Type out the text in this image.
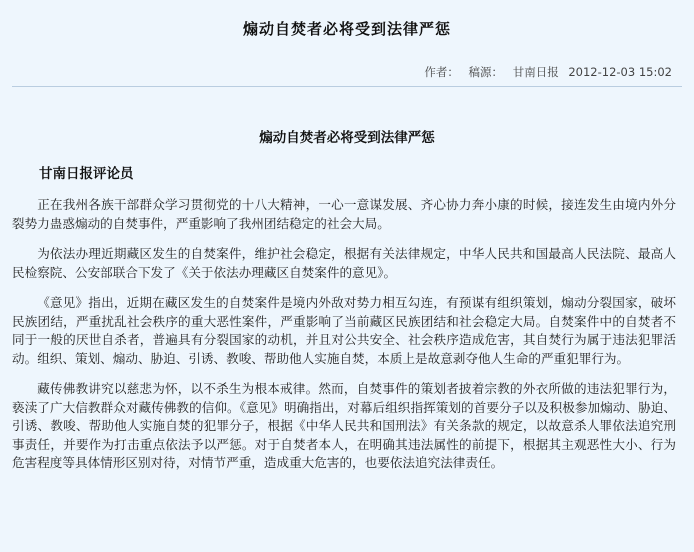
煽动自焚者必将受到法律严惩
作者： 稿源： 甘南日报 2012-12-03 15:02
煽动自焚者必将受到法律严惩
甘南日报评论员

正在我州各族干部群众学习贯彻党的十八大精神，一心一意谋发展、齐心协力奔小康的时候，接连发生由境内外分裂势力蛊惑煽动的自焚事件，严重影响了我州团结稳定的社会大局。

为依法办理近期藏区发生的自焚案件，维护社会稳定，根据有关法律规定，中华人民共和国最高人民法院、最高人民检察院、公安部联合下发了《关于依法办理藏区自焚案件的意见》。

《意见》指出，近期在藏区发生的自焚案件是境内外敌对势力相互勾连，有预谋有组织策划，煽动分裂国家，破坏民族团结，严重扰乱社会秩序的重大恶性案件，严重影响了当前藏区民族团结和社会稳定大局。自焚案件中的自焚者不同于一般的厌世自杀者，普遍具有分裂国家的动机，并且对公共安全、社会秩序造成危害，其自焚行为属于违法犯罪活动。组织、策划、煽动、胁迫、引诱、教唆、帮助他人实施自焚，本质上是故意剥夺他人生命的严重犯罪行为。

藏传佛教讲究以慈悲为怀，以不杀生为根本戒律。然而，自焚事件的策划者披着宗教的外衣所做的违法犯罪行为，亵渎了广大信教群众对藏传佛教的信仰。《意见》明确指出，对幕后组织指挥策划的首要分子以及积极参加煽动、胁迫、引诱、教唆、帮助他人实施自焚的犯罪分子，根据《中华人民共和国刑法》有关条款的规定，以故意杀人罪依法追究刑事责任，并要作为打击重点依法予以严惩。对于自焚者本人，在明确其违法属性的前提下，根据其主观恶性大小、行为危害程度等具体情形区别对待，对情节严重，造成重大危害的，也要依法追究法律责任。
